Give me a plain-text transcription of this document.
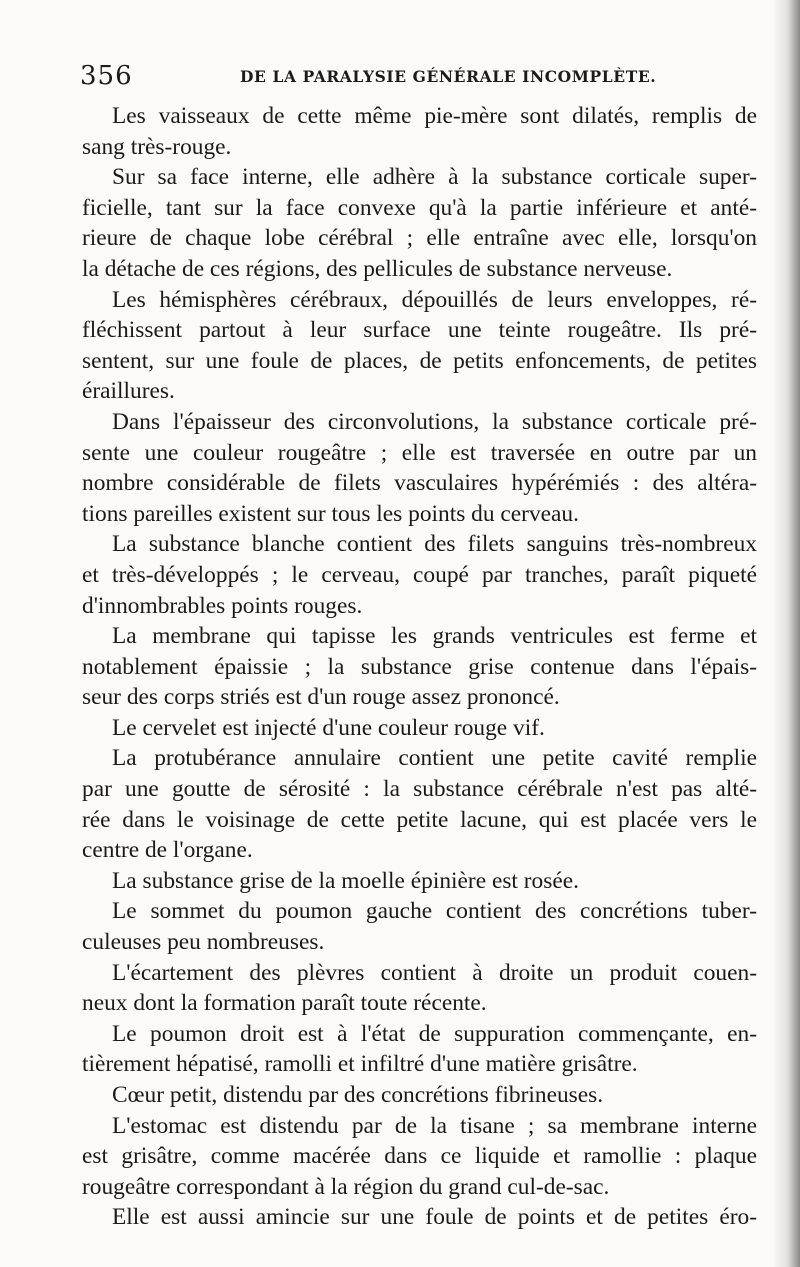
356	DE LA PARALYSIE GÉNÉRALE INCOMPLÈTE.

Les vaisseaux de cette même pie-mère sont dilatés, remplis de

sang très-rouge.

Sur sa face interne, elle adhère à la substance corticale super-

ficielle, tant sur la face convexe qu'à la partie inférieure et anté-

rieure de chaque lobe cérébral ; elle entraîne avec elle, lorsqu'on

la détache de ces régions, des pellicules de substance nerveuse.

Les hémisphères cérébraux, dépouillés de leurs enveloppes, ré-

fléchissent partout à leur surface une teinte rougeâtre. Ils pré-

sentent, sur une foule de places, de petits enfoncements, de petites

éraillures.

Dans l'épaisseur des circonvolutions, la substance corticale pré-

sente une couleur rougeâtre ; elle est traversée en outre par un

nombre considérable de filets vasculaires hypérémiés : des altéra-

tions pareilles existent sur tous les points du cerveau.

La substance blanche contient des filets sanguins très-nombreux

et très-développés ; le cerveau, coupé par tranches, paraît piqueté

d'innombrables points rouges.

La membrane qui tapisse les grands ventricules est ferme et

notablement épaissie ; la substance grise contenue dans l'épais-

seur des corps striés est d'un rouge assez prononcé.

Le cervelet est injecté d'une couleur rouge vif.

La protubérance annulaire contient une petite cavité remplie

par une goutte de sérosité : la substance cérébrale n'est pas alté-

rée dans le voisinage de cette petite lacune, qui est placée vers le

centre de l'organe.

La substance grise de la moelle épinière est rosée.

Le sommet du poumon gauche contient des concrétions tuber-

culeuses peu nombreuses.

L'écartement des plèvres contient à droite un produit couen-

neux dont la formation paraît toute récente.

Le poumon droit est à l'état de suppuration commençante, en-

tièrement hépatisé, ramolli et infiltré d'une matière grisâtre.

Cœur petit, distendu par des concrétions fibrineuses.

L'estomac est distendu par de la tisane ; sa membrane interne

est grisâtre, comme macérée dans ce liquide et ramollie : plaque

rougeâtre correspondant à la région du grand cul-de-sac.

Elle est aussi amincie sur une foule de points et de petites éro-
